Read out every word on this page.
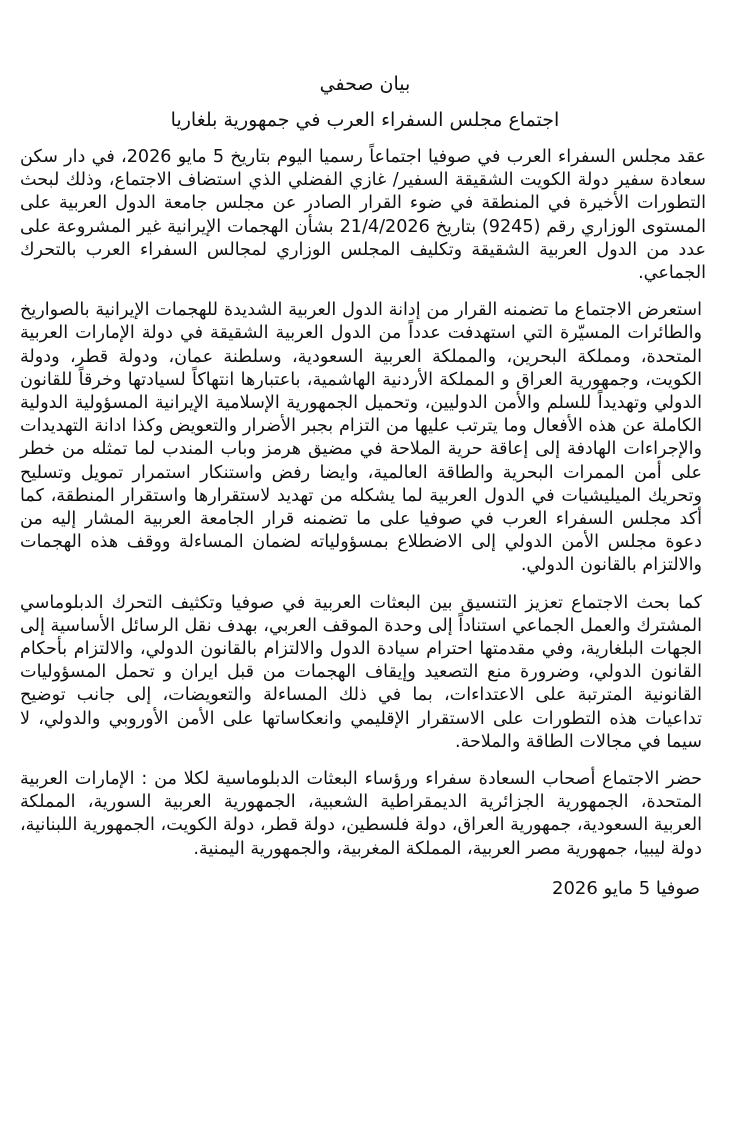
بيان صحفي

اجتماع مجلس السفراء العرب في جمهورية بلغاريا

عقد مجلس السفراء العرب في صوفيا اجتماعاً رسميا اليوم بتاريخ 5 مايو 2026، في دار سكن سعادة سفير دولة الكويت الشقيقة السفير/ غازي الفضلي الذي استضاف الاجتماع، وذلك لبحث التطورات الأخيرة في المنطقة في ضوء القرار الصادر عن مجلس جامعة الدول العربية على المستوى الوزاري رقم (9245) بتاريخ 21/4/2026 بشأن الهجمات الإيرانية غير المشروعة على عدد من الدول العربية الشقيقة وتكليف المجلس الوزاري لمجالس السفراء العرب بالتحرك الجماعي.

استعرض الاجتماع ما تضمنه القرار من إدانة الدول العربية الشديدة للهجمات الإيرانية بالصواريخ والطائرات المسيّرة التي استهدفت عدداً من الدول العربية الشقيقة في دولة الإمارات العربية المتحدة، ومملكة البحرين، والمملكة العربية السعودية، وسلطنة عمان، ودولة قطر، ودولة الكويت، وجمهورية العراق و المملكة الأردنية الهاشمية، باعتبارها انتهاكاً لسيادتها وخرقاً للقانون الدولي وتهديداً للسلم والأمن الدوليين، وتحميل الجمهورية الإسلامية الإيرانية المسؤولية الدولية الكاملة عن هذه الأفعال وما يترتب عليها من التزام بجبر الأضرار والتعويض وكذا ادانة التهديدات والإجراءات الهادفة إلى إعاقة حرية الملاحة في مضيق هرمز وباب المندب لما تمثله من خطر على أمن الممرات البحرية والطاقة العالمية، وايضا رفض واستنكار استمرار تمويل وتسليح وتحريك الميليشيات في الدول العربية لما يشكله من تهديد لاستقرارها واستقرار المنطقة، كما أكد مجلس السفراء العرب في صوفيا على ما تضمنه قرار الجامعة العربية المشار إليه من دعوة مجلس الأمن الدولي إلى الاضطلاع بمسؤولياته لضمان المساءلة ووقف هذه الهجمات والالتزام بالقانون الدولي.

كما بحث الاجتماع تعزيز التنسيق بين البعثات العربية في صوفيا وتكثيف التحرك الدبلوماسي المشترك والعمل الجماعي استناداً إلى وحدة الموقف العربي، بهدف نقل الرسائل الأساسية إلى الجهات البلغارية، وفي مقدمتها احترام سيادة الدول والالتزام بالقانون الدولي، والالتزام بأحكام القانون الدولي، وضرورة منع التصعيد وإيقاف الهجمات من قبل ايران و تحمل المسؤوليات القانونية المترتبة على الاعتداءات، بما في ذلك المساءلة والتعويضات، إلى جانب توضيح تداعيات هذه التطورات على الاستقرار الإقليمي وانعكاساتها على الأمن الأوروبي والدولي، لا سيما في مجالات الطاقة والملاحة.

حضر الاجتماع أصحاب السعادة سفراء ورؤساء البعثات الدبلوماسية لكلا من : الإمارات العربية المتحدة، الجمهورية الجزائرية الديمقراطية الشعبية، الجمهورية العربية السورية، المملكة العربية السعودية، جمهورية العراق، دولة فلسطين، دولة قطر، دولة الكويت، الجمهورية اللبنانية، دولة ليبيا، جمهورية مصر العربية، المملكة المغربية، والجمهورية اليمنية.

صوفيا 5 مايو 2026
